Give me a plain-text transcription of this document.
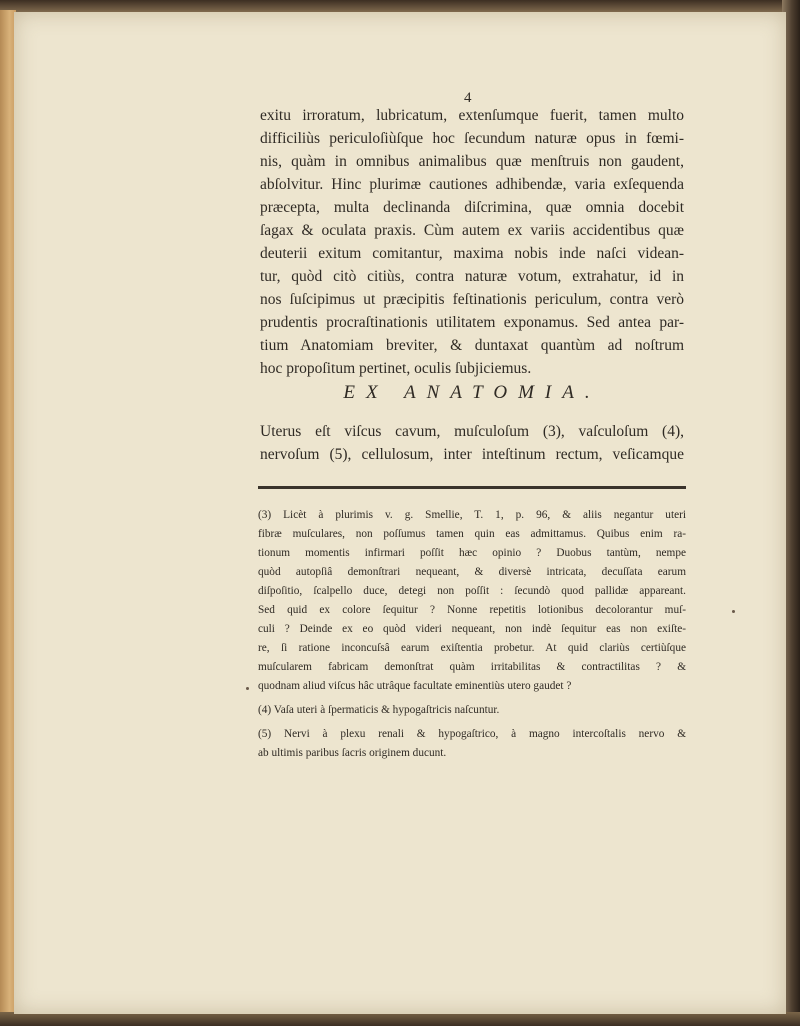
4
exitu irroratum, lubricatum, extenſumque fuerit, tamen multo
difficiliùs periculoſiùſque hoc ſecundum naturæ opus in fœmi-
nis, quàm in omnibus animalibus quæ menſtruis non gaudent,
abſolvitur. Hinc plurimæ cautiones adhibendæ, varia exſequenda
præcepta, multa declinanda diſcrimina, quæ omnia docebit
ſagax & oculata praxis. Cùm autem ex variis accidentibus quæ
deuterii exitum comitantur, maxima nobis inde naſci videan-
tur, quòd citò citiùs, contra naturæ votum, extrahatur, id in
nos ſuſcipimus ut præcipitis feſtinationis periculum, contra verò
prudentis procraſtinationis utilitatem exponamus. Sed antea par-
tium Anatomiam breviter, & duntaxat quantùm ad noſtrum
hoc propoſitum pertinet, oculis ſubjiciemus.
EX ANATOMIA.
Uterus eſt viſcus cavum, muſculoſum (3), vaſculoſum (4),
nervoſum (5), cellulosum, inter inteſtinum rectum, veſicamque
(3) Licèt à plurimis v. g. Smellie, T. 1, p. 96, & aliis negantur uteri
fibræ muſculares, non poſſumus tamen quin eas admittamus. Quibus enim ra-
tionum momentis infirmari poſſit hæc opinio ? Duobus tantùm, nempe
quòd autopſiâ demonſtrari nequeant, & diversè intricata, decuſſata earum
diſpoſitio, ſcalpello duce, detegi non poſſit : ſecundò quod pallidæ appareant.
Sed quid ex colore ſequitur ? Nonne repetitis lotionibus decolorantur muſ-
culi ? Deinde ex eo quòd videri nequeant, non indè ſequitur eas non exiſte-
re, ſi ratione inconcuſsâ earum exiſtentia probetur. At quid clariùs certiùſque
muſcularem fabricam demonſtrat quàm irritabilitas & contractilitas ? &
quodnam aliud viſcus hâc utrâque facultate eminentiùs utero gaudet ?
(4) Vaſa uteri à ſpermaticis & hypogaſtricis naſcuntur.
(5) Nervi à plexu renali & hypogaſtrico, à magno intercoſtalis nervo &
ab ultimis paribus ſacris originem ducunt.
